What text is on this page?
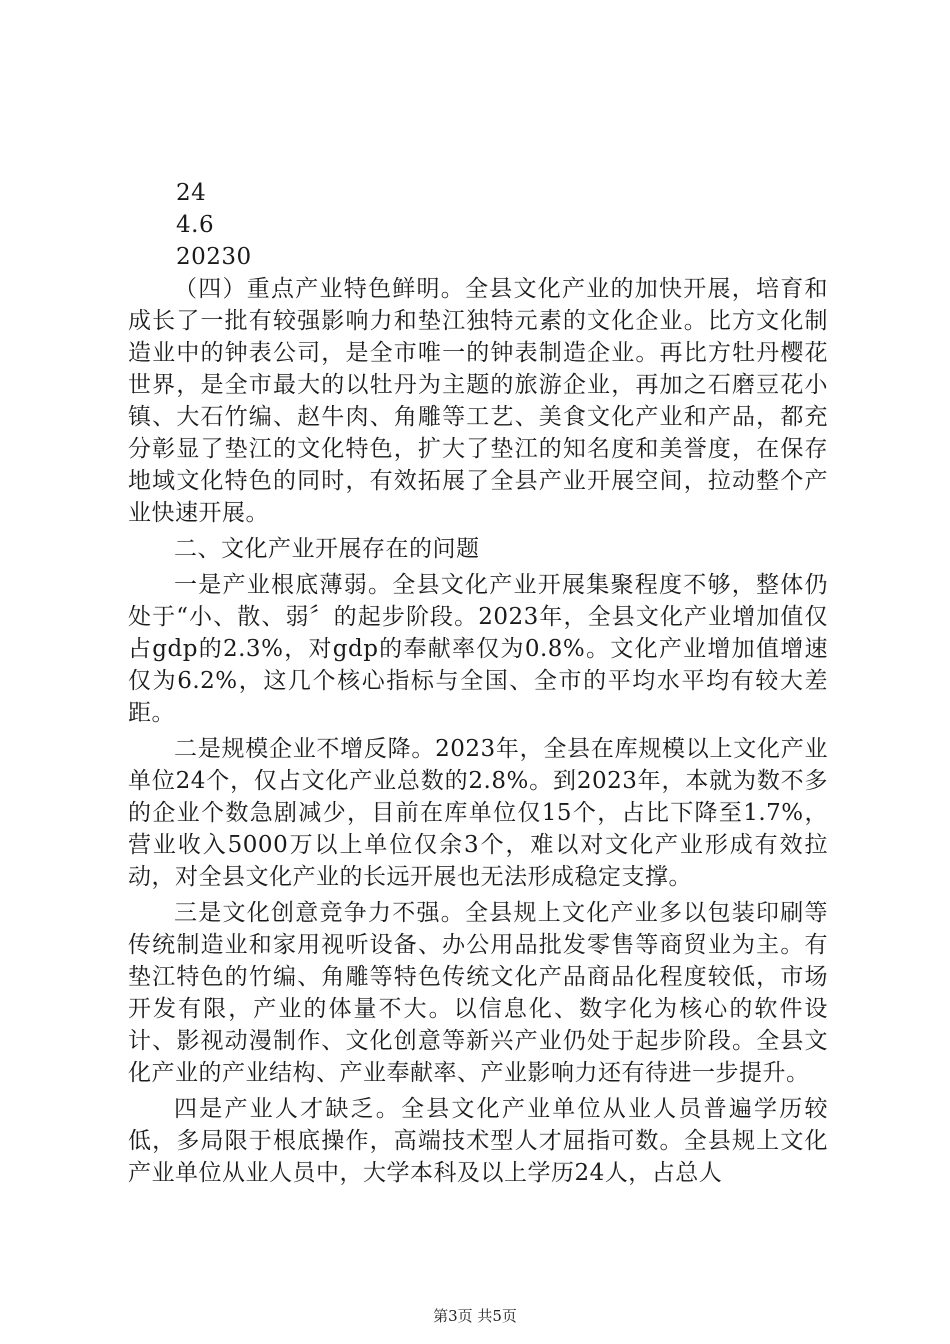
24
4.6
20230

（四）重点产业特色鲜明。全县文化产业的加快开展，培育和成长了一批有较强影响力和垫江独特元素的文化企业。比方文化制造业中的钟表公司，是全市唯一的钟表制造企业。再比方牡丹樱花世界，是全市最大的以牡丹为主题的旅游企业，再加之石磨豆花小镇、大石竹编、赵牛肉、角雕等工艺、美食文化产业和产品，都充分彰显了垫江的文化特色，扩大了垫江的知名度和美誉度，在保存地域文化特色的同时，有效拓展了全县产业开展空间，拉动整个产业快速开展。

二、文化产业开展存在的问题

一是产业根底薄弱。全县文化产业开展集聚程度不够，整体仍处于“小、散、弱〞的起步阶段。2023年，全县文化产业增加值仅占gdp的2.3%，对gdp的奉献率仅为0.8%。文化产业增加值增速仅为6.2%，这几个核心指标与全国、全市的平均水平均有较大差距。

二是规模企业不增反降。2023年，全县在库规模以上文化产业单位24个，仅占文化产业总数的2.8%。到2023年，本就为数不多的企业个数急剧减少，目前在库单位仅15个，占比下降至1.7%，营业收入5000万以上单位仅余3个，难以对文化产业形成有效拉动，对全县文化产业的长远开展也无法形成稳定支撑。

三是文化创意竞争力不强。全县规上文化产业多以包装印刷等传统制造业和家用视听设备、办公用品批发零售等商贸业为主。有垫江特色的竹编、角雕等特色传统文化产品商品化程度较低，市场开发有限，产业的体量不大。以信息化、数字化为核心的软件设计、影视动漫制作、文化创意等新兴产业仍处于起步阶段。全县文化产业的产业结构、产业奉献率、产业影响力还有待进一步提升。

四是产业人才缺乏。全县文化产业单位从业人员普遍学历较低，多局限于根底操作，高端技术型人才屈指可数。全县规上文化产业单位从业人员中，大学本科及以上学历24人，占总人

第3页 共5页
